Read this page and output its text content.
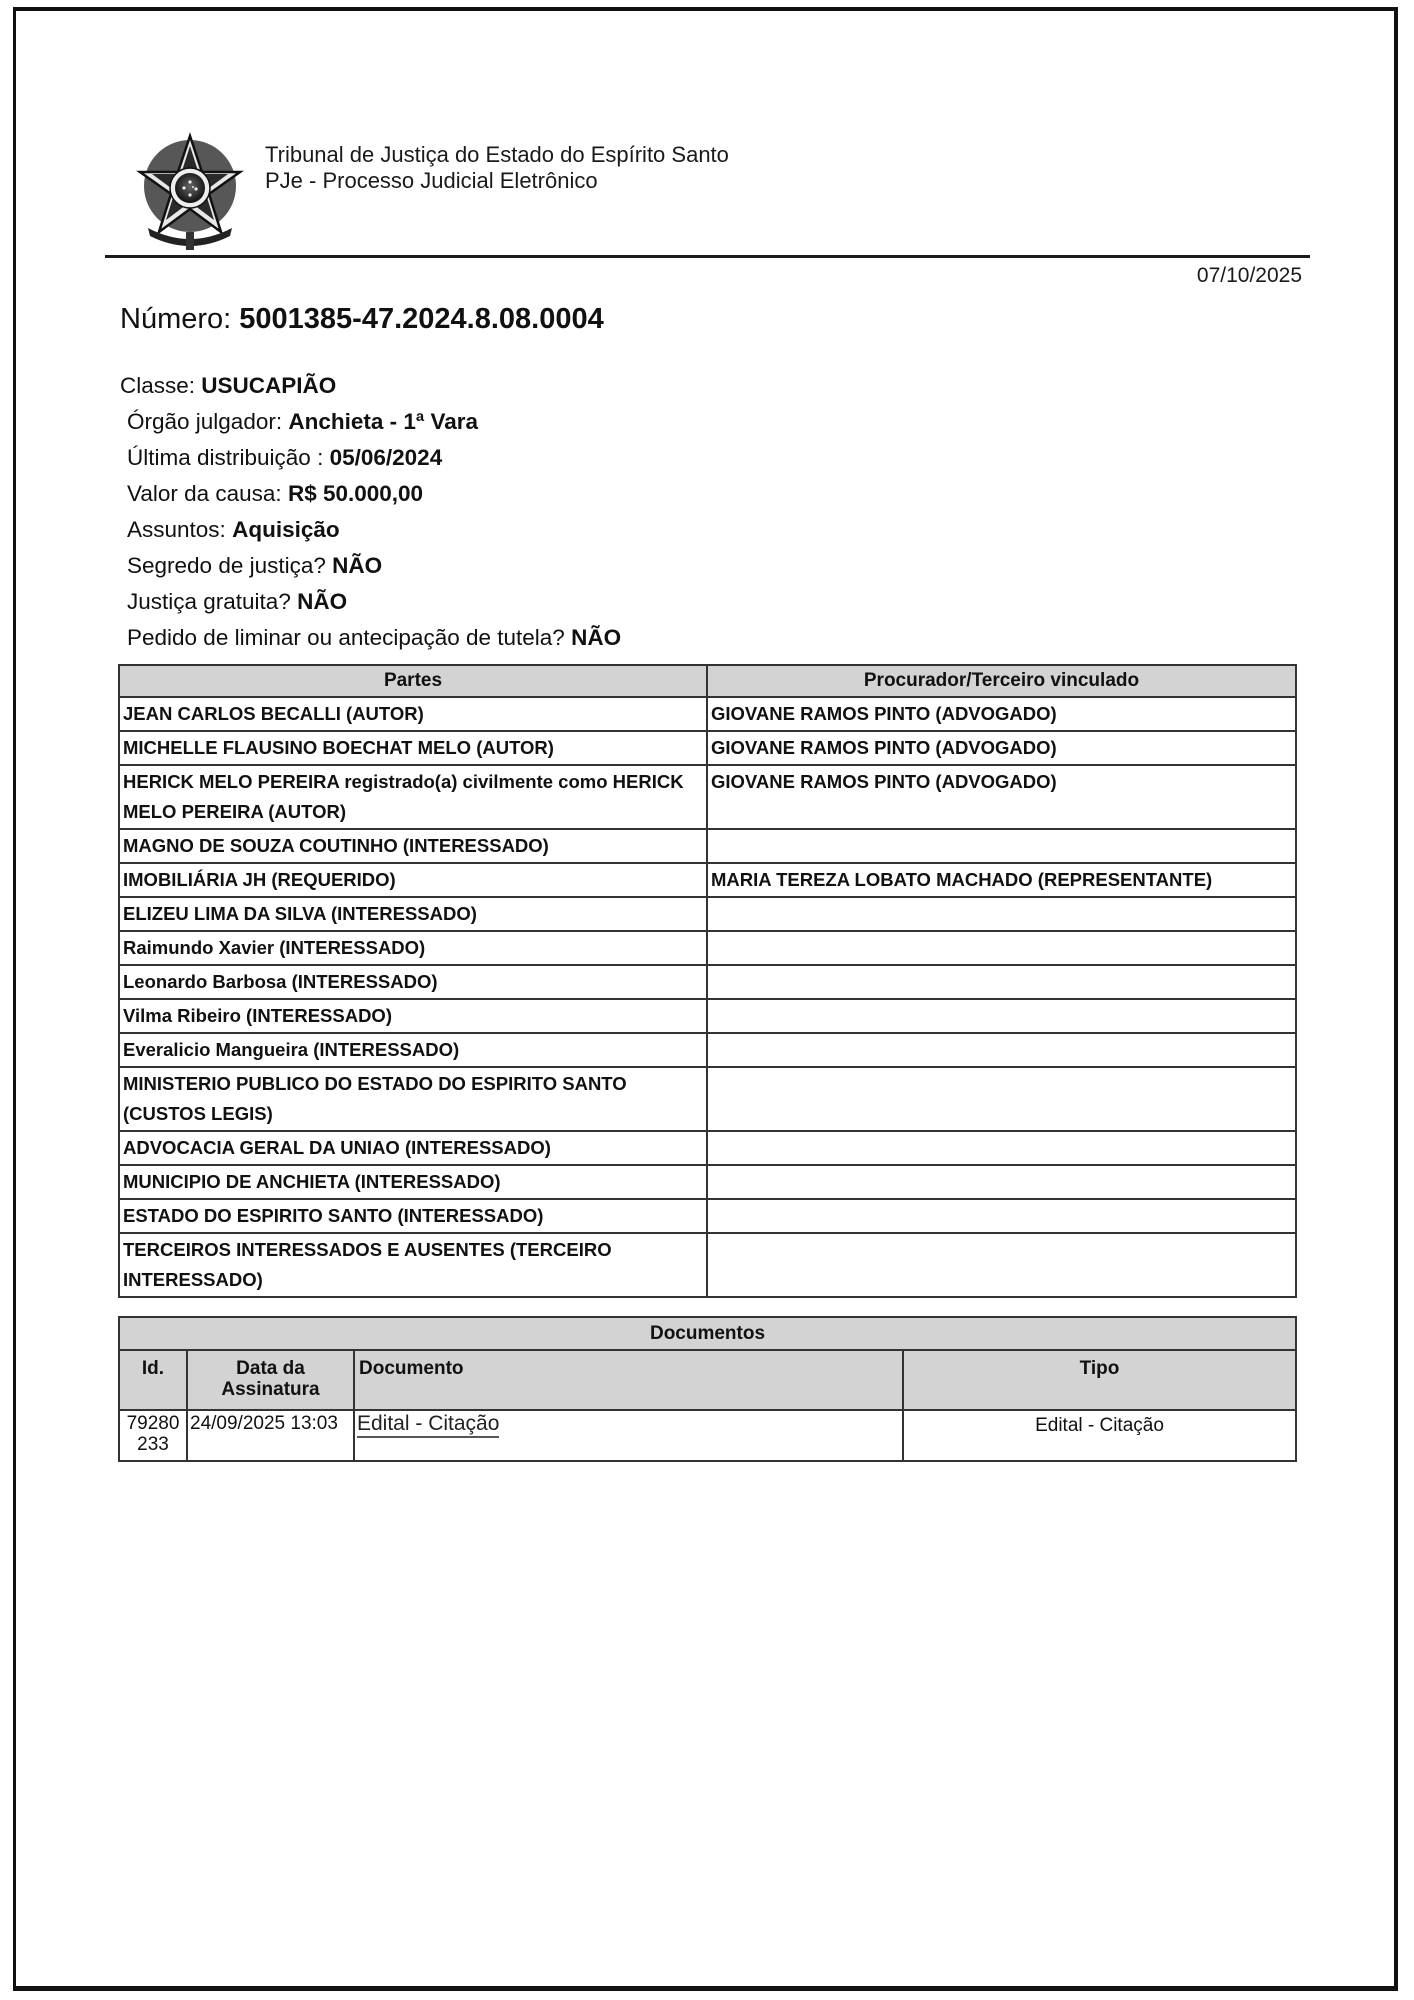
Tribunal de Justiça do Estado do Espírito Santo
PJe - Processo Judicial Eletrônico
07/10/2025
Número: 5001385-47.2024.8.08.0004
Classe: USUCAPIÃO
Órgão julgador: Anchieta - 1ª Vara
Última distribuição : 05/06/2024
Valor da causa: R$ 50.000,00
Assuntos: Aquisição
Segredo de justiça? NÃO
Justiça gratuita? NÃO
Pedido de liminar ou antecipação de tutela? NÃO
Partes	Procurador/Terceiro vinculado
JEAN CARLOS BECALLI (AUTOR)	GIOVANE RAMOS PINTO (ADVOGADO)
MICHELLE FLAUSINO BOECHAT MELO (AUTOR)	GIOVANE RAMOS PINTO (ADVOGADO)
HERICK MELO PEREIRA registrado(a) civilmente como HERICK MELO PEREIRA (AUTOR)	GIOVANE RAMOS PINTO (ADVOGADO)
MAGNO DE SOUZA COUTINHO (INTERESSADO)	
IMOBILIÁRIA JH (REQUERIDO)	MARIA TEREZA LOBATO MACHADO (REPRESENTANTE)
ELIZEU LIMA DA SILVA (INTERESSADO)	
Raimundo Xavier (INTERESSADO)	
Leonardo Barbosa (INTERESSADO)	
Vilma Ribeiro (INTERESSADO)	
Everalicio Mangueira (INTERESSADO)	
MINISTERIO PUBLICO DO ESTADO DO ESPIRITO SANTO (CUSTOS LEGIS)	
ADVOCACIA GERAL DA UNIAO (INTERESSADO)	
MUNICIPIO DE ANCHIETA (INTERESSADO)	
ESTADO DO ESPIRITO SANTO (INTERESSADO)	
TERCEIROS INTERESSADOS E AUSENTES (TERCEIRO INTERESSADO)	
Documentos			
Id.	Data da Assinatura	Documento	Tipo

79280233	24/09/2025 13:03	Edital - Citação	Edital - Citação
